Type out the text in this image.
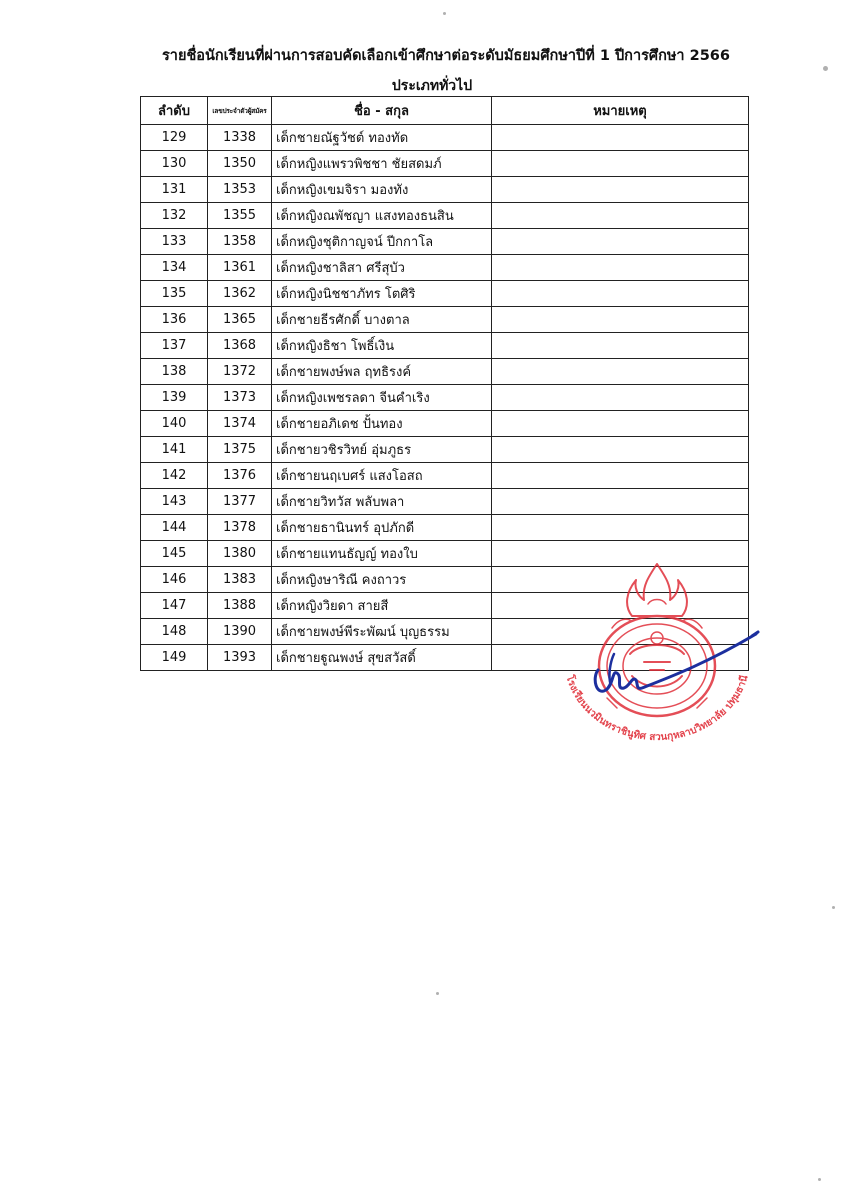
รายชื่อนักเรียนที่ผ่านการสอบคัดเลือกเข้าศึกษาต่อระดับมัธยมศึกษาปีที่ 1 ปีการศึกษา 2566
ประเภททั่วไป
ลำดับ	เลขประจำตัวผู้สมัคร	ชื่อ - สกุล	หมายเหตุ
129	1338	เด็กชายณัฐวัชต์ ทองทัด	
130	1350	เด็กหญิงแพรวพิชชา ชัยสดมภ์	
131	1353	เด็กหญิงเขมจิรา มองทัง	
132	1355	เด็กหญิงณพัชญา แสงทองธนสิน	
133	1358	เด็กหญิงชุติกาญจน์ ปีกกาโล	
134	1361	เด็กหญิงชาลิสา ศรีสุบัว	
135	1362	เด็กหญิงนิชชาภัทร โตศิริ	
136	1365	เด็กชายธีรศักดิ์ บางตาล	
137	1368	เด็กหญิงธิชา โพธิ์เงิน	
138	1372	เด็กชายพงษ์พล ฤทธิรงค์	
139	1373	เด็กหญิงเพชรลดา จีนคำเริง	
140	1374	เด็กชายอภิเดช ปั้นทอง	
141	1375	เด็กชายวชิรวิทย์ อุ่มภูธร	
142	1376	เด็กชายนฤเบศร์ แสงโอสถ	
143	1377	เด็กชายวิทวัส พลับพลา	
144	1378	เด็กชายธานินทร์ อุปภักดี	
145	1380	เด็กชายแทนธัญญ์ ทองใบ	
146	1383	เด็กหญิงษาริณี คงถาวร	
147	1388	เด็กหญิงวิยดา สายสี	
148	1390	เด็กชายพงษ์พีระพัฒน์ บุญธรรม	
149	1393	เด็กชายฐูณพงษ์ สุขสวัสดิ์	
โรงเรียนนวมินทราชินูทิศ สวนกุหลาบวิทยาลัย ปทุมธานี
